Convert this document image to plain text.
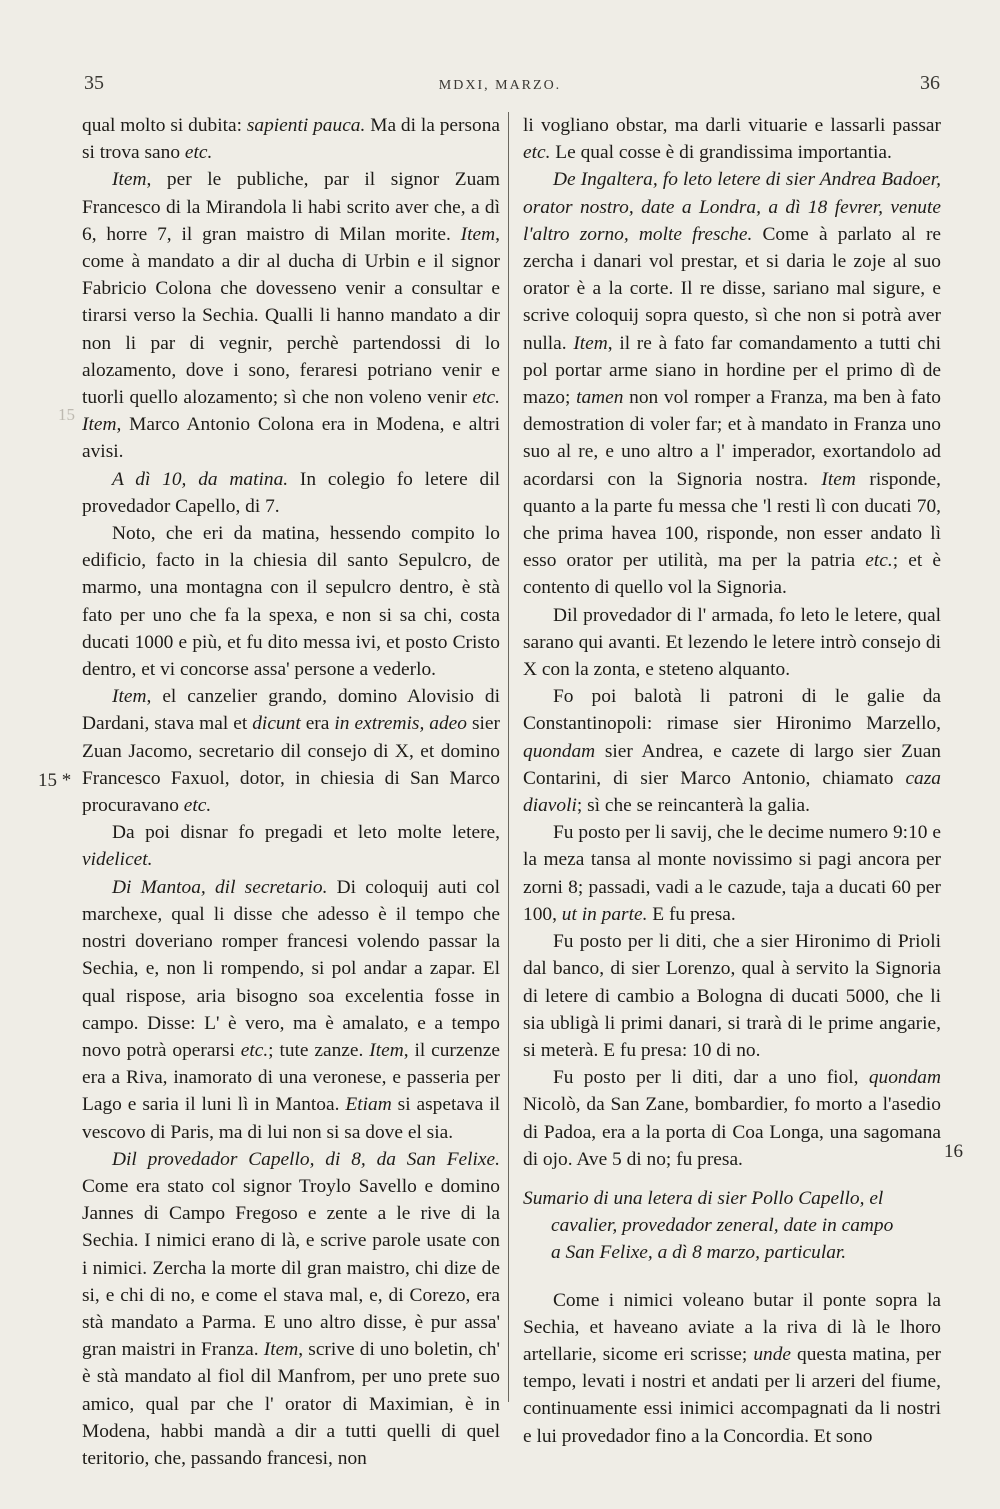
35	MDXI, MARZO.	36
15
15 *
16

qual molto si dubita: sapienti pauca. Ma di la persona si trova sano etc.

Item, per le publiche, par il signor Zuam Francesco di la Mirandola li habi scrito aver che, a dì 6, horre 7, il gran maistro di Milan morite. Item, come à mandato a dir al ducha di Urbin e il signor Fabricio Colona che dovesseno venir a consultar e tirarsi verso la Sechia. Qualli li hanno mandato a dir non li par di vegnir, perchè partendossi di lo alozamento, dove i sono, feraresi potriano venir e tuorli quello alozamento; sì che non voleno venir etc. Item, Marco Antonio Colona era in Modena, e altri avisi.

A dì 10, da matina. In colegio fo letere dil provedador Capello, di 7.

Noto, che eri da matina, hessendo compito lo edificio, facto in la chiesia dil santo Sepulcro, de marmo, una montagna con il sepulcro dentro, è stà fato per uno che fa la spexa, e non si sa chi, costa ducati 1000 e più, et fu dito messa ivi, et posto Cristo dentro, et vi concorse assa' persone a vederlo.

Item, el canzelier grando, domino Alovisio di Dardani, stava mal et dicunt era in extremis, adeo sier Zuan Jacomo, secretario dil consejo di X, et domino Francesco Faxuol, dotor, in chiesia di San Marco procuravano etc.

Da poi disnar fo pregadi et leto molte letere, videlicet.

Di Mantoa, dil secretario. Di coloquij auti col marchexe, qual li disse che adesso è il tempo che nostri doveriano romper francesi volendo passar la Sechia, e, non li rompendo, si pol andar a zapar. El qual rispose, aria bisogno soa excelentia fosse in campo. Disse: L' è vero, ma è amalato, e a tempo novo potrà operarsi etc.; tute zanze. Item, il curzenze era a Riva, inamorato di una veronese, e passeria per Lago e saria il luni lì in Mantoa. Etiam si aspetava il vescovo di Paris, ma di lui non si sa dove el sia.

Dil provedador Capello, di 8, da San Felixe. Come era stato col signor Troylo Savello e domino Jannes di Campo Fregoso e zente a le rive di la Sechia. I nimici erano di là, e scrive parole usate con i nimici. Zercha la morte dil gran maistro, chi dize de si, e chi di no, e come el stava mal, e, di Corezo, era stà mandato a Parma. E uno altro disse, è pur assa' gran maistri in Franza. Item, scrive di uno boletin, ch' è stà mandato al fiol dil Manfrom, per uno prete suo amico, qual par che l' orator di Maximian, è in Modena, habbi mandà a dir a tutti quelli di quel teritorio, che, passando francesi, non

li vogliano obstar, ma darli vituarie e lassarli passar etc. Le qual cosse è di grandissima importantia.

De Ingaltera, fo leto letere di sier Andrea Badoer, orator nostro, date a Londra, a dì 18 fevrer, venute l'altro zorno, molte fresche. Come à parlato al re zercha i danari vol prestar, et si daria le zoje al suo orator è a la corte. Il re disse, sariano mal sigure, e scrive coloquij sopra questo, sì che non si potrà aver nulla. Item, il re à fato far comandamento a tutti chi pol portar arme siano in hordine per el primo dì de mazo; tamen non vol romper a Franza, ma ben à fato demostration di voler far; et à mandato in Franza uno suo al re, e uno altro a l' imperador, exortandolo ad acordarsi con la Signoria nostra. Item risponde, quanto a la parte fu messa che 'l resti lì con ducati 70, che prima havea 100, risponde, non esser andato lì esso orator per utilità, ma per la patria etc.; et è contento di quello vol la Signoria.

Dil provedador di l' armada, fo leto le letere, qual sarano qui avanti. Et lezendo le letere intrò consejo di X con la zonta, e steteno alquanto.

Fo poi balotà li patroni di le galie da Constantinopoli: rimase sier Hironimo Marzello, quondam sier Andrea, e cazete di largo sier Zuan Contarini, di sier Marco Antonio, chiamato caza diavoli; sì che se reincanterà la galia.

Fu posto per li savij, che le decime numero 9:10 e la meza tansa al monte novissimo si pagi ancora per zorni 8; passadi, vadi a le cazude, taja a ducati 60 per 100, ut in parte. E fu presa.

Fu posto per li diti, che a sier Hironimo di Prioli dal banco, di sier Lorenzo, qual à servito la Signoria di letere di cambio a Bologna di ducati 5000, che li sia ubligà li primi danari, si trarà di le prime angarie, si meterà. E fu presa: 10 di no.

Fu posto per li diti, dar a uno fiol, quondam Nicolò, da San Zane, bombardier, fo morto a l'asedio di Padoa, era a la porta di Coa Longa, una sagomana di ojo. Ave 5 di no; fu presa.

Sumario di una letera di sier Pollo Capello, el
cavalier, provedador zeneral, date in campo
a San Felixe, a dì 8 marzo, particular.

Come i nimici voleano butar il ponte sopra la Sechia, et haveano aviate a la riva di là le lhoro artellarie, sicome eri scrisse; unde questa matina, per tempo, levati i nostri et andati per li arzeri del fiume, continuamente essi inimici accompagnati da li nostri e lui provedador fino a la Concordia. Et sono
